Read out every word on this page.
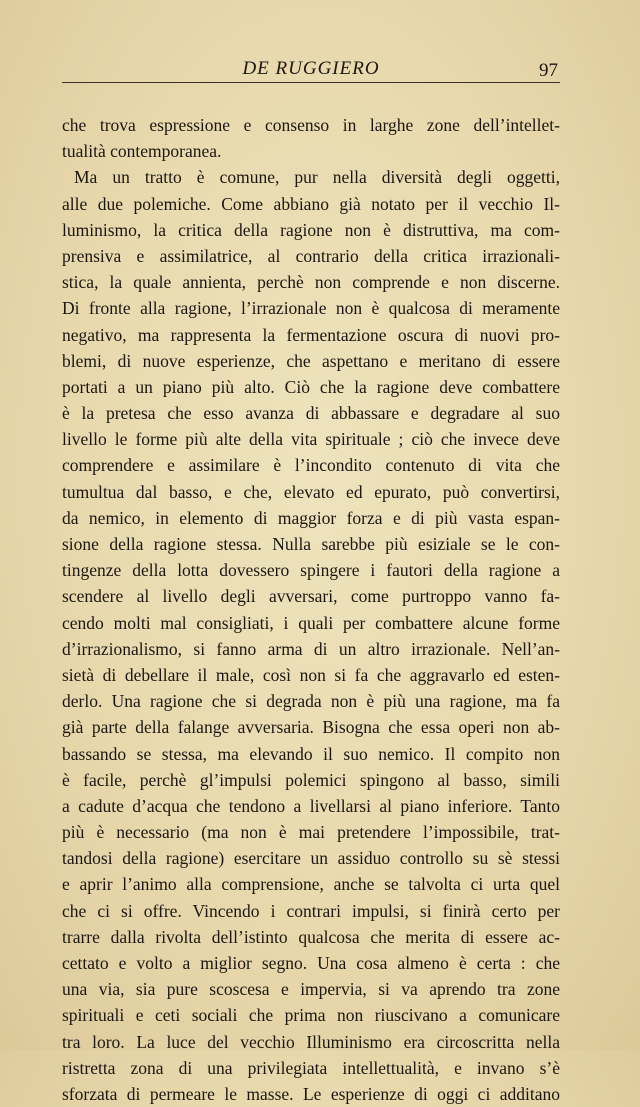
DE RUGGIERO	97
che trova espressione e consenso in larghe zone dell’intellet-
tualità contemporanea.
Ma un tratto è comune, pur nella diversità degli oggetti,
alle due polemiche. Come abbiano già notato per il vecchio Il-
luminismo, la critica della ragione non è distruttiva, ma com-
prensiva e assimilatrice, al contrario della critica irrazionali-
stica, la quale annienta, perchè non comprende e non discerne.
Di fronte alla ragione, l’irrazionale non è qualcosa di meramente
negativo, ma rappresenta la fermentazione oscura di nuovi pro-
blemi, di nuove esperienze, che aspettano e meritano di essere
portati a un piano più alto. Ciò che la ragione deve combattere
è la pretesa che esso avanza di abbassare e degradare al suo
livello le forme più alte della vita spirituale ; ciò che invece deve
comprendere e assimilare è l’incondito contenuto di vita che
tumultua dal basso, e che, elevato ed epurato, può convertirsi,
da nemico, in elemento di maggior forza e di più vasta espan-
sione della ragione stessa. Nulla sarebbe più esiziale se le con-
tingenze della lotta dovessero spingere i fautori della ragione a
scendere al livello degli avversari, come purtroppo vanno fa-
cendo molti mal consigliati, i quali per combattere alcune forme
d’irrazionalismo, si fanno arma di un altro irrazionale. Nell’an-
sietà di debellare il male, così non si fa che aggravarlo ed esten-
derlo. Una ragione che si degrada non è più una ragione, ma fa
già parte della falange avversaria. Bisogna che essa operi non ab-
bassando se stessa, ma elevando il suo nemico. Il compito non
è facile, perchè gl’impulsi polemici spingono al basso, simili
a cadute d’acqua che tendono a livellarsi al piano inferiore. Tanto
più è necessario (ma non è mai pretendere l’impossibile, trat-
tandosi della ragione) esercitare un assiduo controllo su sè stessi
e aprir l’animo alla comprensione, anche se talvolta ci urta quel
che ci si offre. Vincendo i contrari impulsi, si finirà certo per
trarre dalla rivolta dell’istinto qualcosa che merita di essere ac-
cettato e volto a miglior segno. Una cosa almeno è certa : che
una via, sia pure scoscesa e impervia, si va aprendo tra zone
spirituali e ceti sociali che prima non riuscivano a comunicare
tra loro. La luce del vecchio Illuminismo era circoscritta nella
ristretta zona di una privilegiata intellettualità, e invano s’è
sforzata di permeare le masse. Le esperienze di oggi ci additano
